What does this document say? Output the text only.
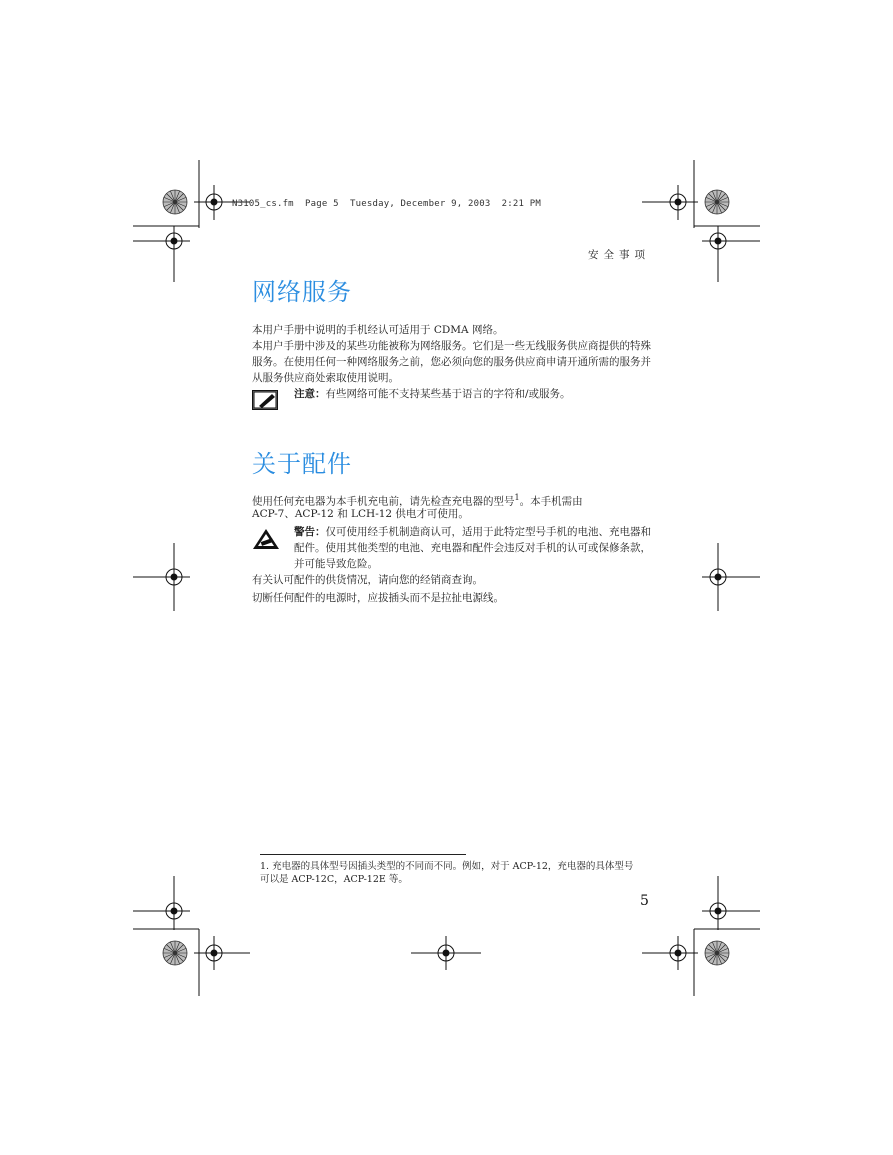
N3105_cs.fm  Page 5  Tuesday, December 9, 2003  2:21 PM
安全事项
网络服务
本用户手册中说明的手机经认可适用于 CDMA 网络。
本用户手册中涉及的某些功能被称为网络服务。它们是一些无线服务供应商提供的特殊服务。在使用任何一种网络服务之前，您必须向您的服务供应商申请开通所需的服务并从服务供应商处索取使用说明。
注意：有些网络可能不支持某些基于语言的字符和/或服务。
关于配件
使用任何充电器为本手机充电前，请先检查充电器的型号$^1$。本手机需由
ACP-7、ACP-12 和 LCH-12 供电才可使用。
警告：仅可使用经手机制造商认可，适用于此特定型号手机的电池、充电器和配件。使用其他类型的电池、充电器和配件会违反对手机的认可或保修条款，并可能导致危险。
有关认可配件的供货情况，请向您的经销商查询。
切断任何配件的电源时，应拔插头而不是拉扯电源线。
1. 充电器的具体型号因插头类型的不同而不同。例如，对于 ACP-12，充电器的具体型号可以是 ACP-12C，ACP-12E 等。
5
